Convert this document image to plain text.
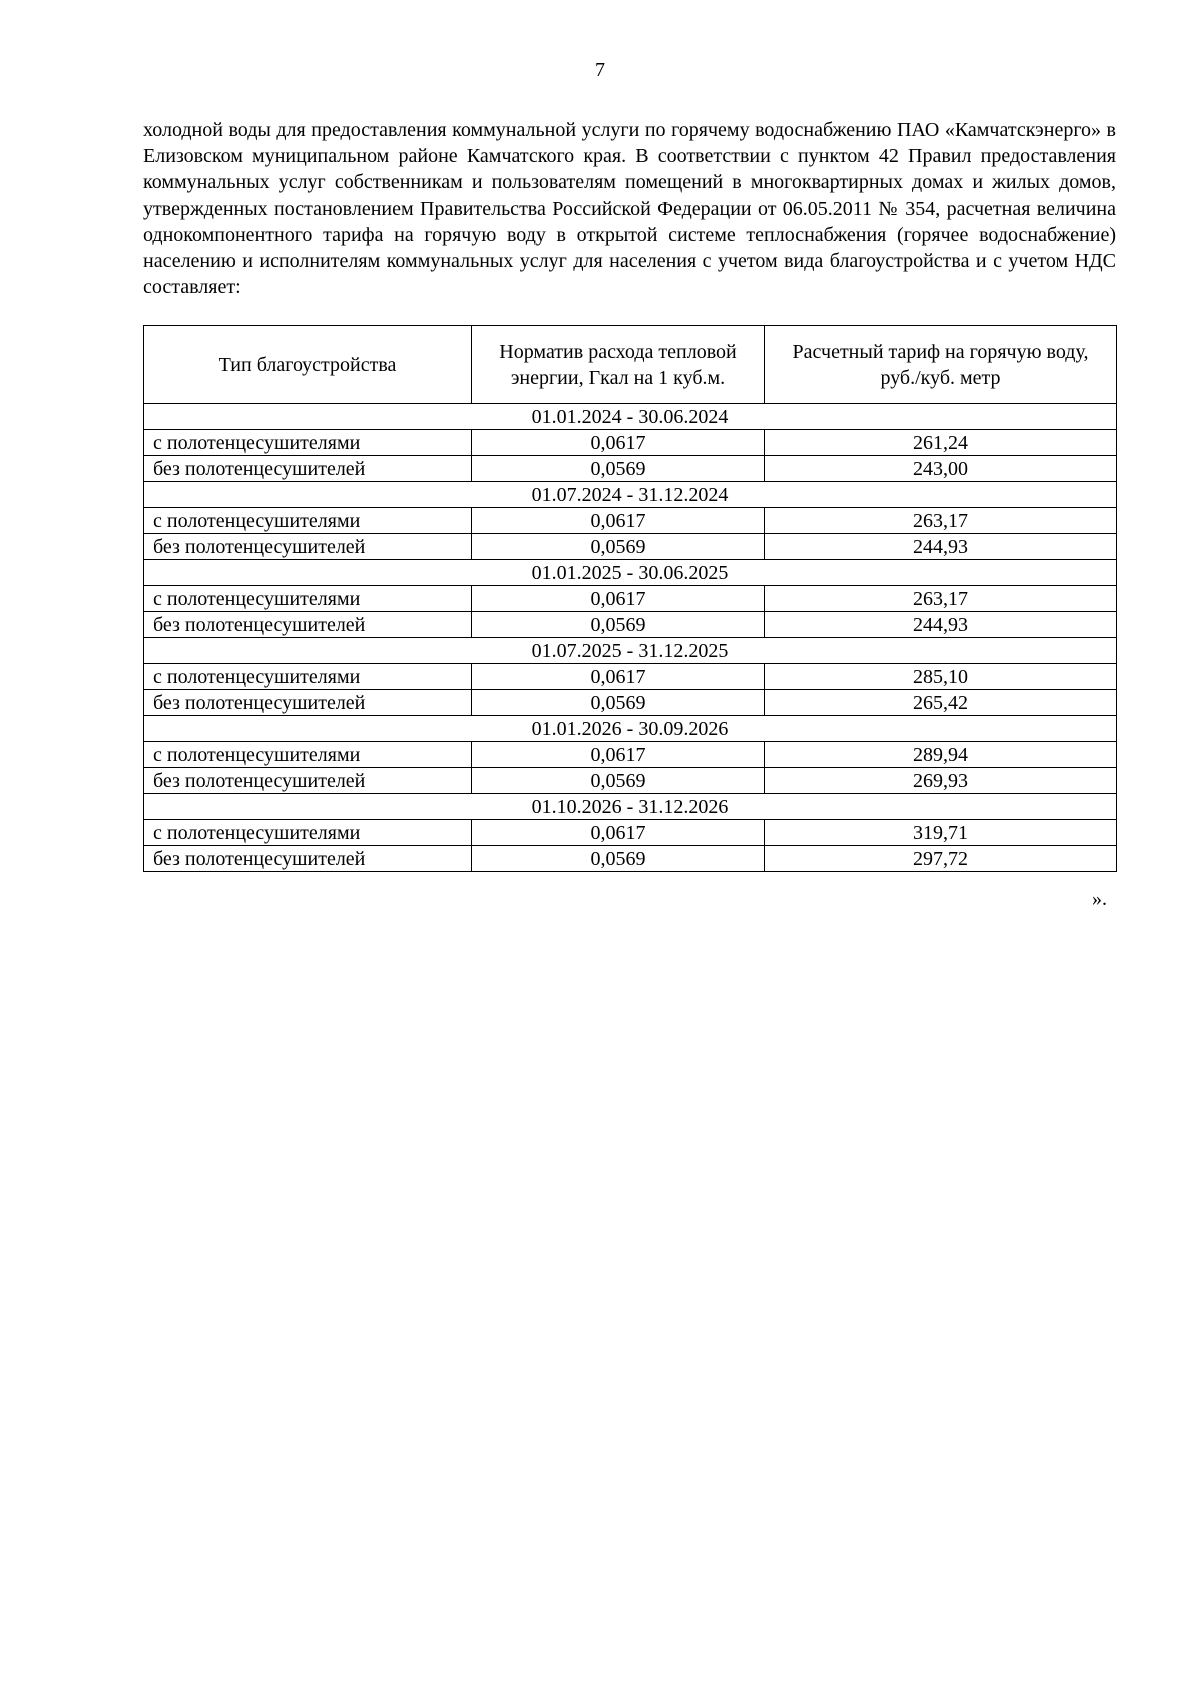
7

холодной воды для предоставления коммунальной услуги по горячему водоснабжению ПАО «Камчатскэнерго» в Елизовском муниципальном районе Камчатского края. В соответствии с пунктом 42 Правил предоставления коммунальных услуг собственникам и пользователям помещений в многоквартирных домах и жилых домов, утвержденных постановлением Правительства Российской Федерации от 06.05.2011 № 354, расчетная величина однокомпонентного тарифа на горячую воду в открытой системе теплоснабжения (горячее водоснабжение) населению и исполнителям коммунальных услуг для населения с учетом вида благоустройства и с учетом НДС составляет:

Тип благоустройства	Норматив расхода тепловой энергии, Гкал на 1 куб.м.	Расчетный тариф на горячую воду, руб./куб. метр
01.01.2024 - 30.06.2024		
с полотенцесушителями	0,0617	261,24
без полотенцесушителей	0,0569	243,00
01.07.2024 - 31.12.2024		
с полотенцесушителями	0,0617	263,17
без полотенцесушителей	0,0569	244,93
01.01.2025 - 30.06.2025		
с полотенцесушителями	0,0617	263,17
без полотенцесушителей	0,0569	244,93
01.07.2025 - 31.12.2025		
с полотенцесушителями	0,0617	285,10
без полотенцесушителей	0,0569	265,42
01.01.2026 - 30.09.2026		
с полотенцесушителями	0,0617	289,94
без полотенцесушителей	0,0569	269,93
01.10.2026 - 31.12.2026		
с полотенцесушителями	0,0617	319,71
без полотенцесушителей	0,0569	297,72
».
